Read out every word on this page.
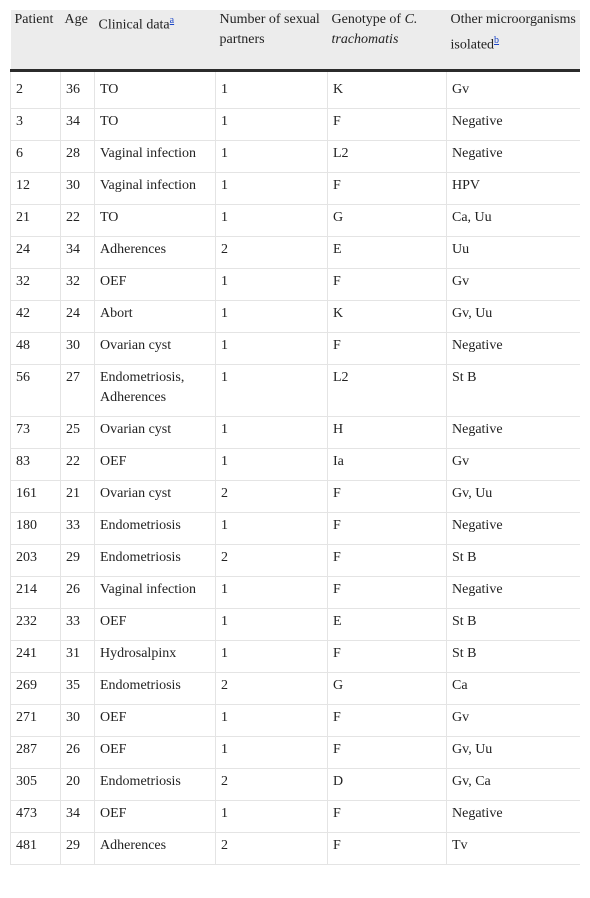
Patient	Age	Clinical data$^a$	Number of sexual partners	Genotype of C. trachomatis	Other microorganisms isolated$^b$
2	36	TO	1	K	Gv
3	34	TO	1	F	Negative
6	28	Vaginal infection	1	L2	Negative
12	30	Vaginal infection	1	F	HPV
21	22	TO	1	G	Ca, Uu
24	34	Adherences	2	E	Uu
32	32	OEF	1	F	Gv
42	24	Abort	1	K	Gv, Uu
48	30	Ovarian cyst	1	F	Negative
56	27	Endometriosis, Adherences	1	L2	St B
73	25	Ovarian cyst	1	H	Negative
83	22	OEF	1	Ia	Gv
161	21	Ovarian cyst	2	F	Gv, Uu
180	33	Endometriosis	1	F	Negative
203	29	Endometriosis	2	F	St B
214	26	Vaginal infection	1	F	Negative
232	33	OEF	1	E	St B
241	31	Hydrosalpinx	1	F	St B
269	35	Endometriosis	2	G	Ca
271	30	OEF	1	F	Gv
287	26	OEF	1	F	Gv, Uu
305	20	Endometriosis	2	D	Gv, Ca
473	34	OEF	1	F	Negative
481	29	Adherences	2	F	Tv
